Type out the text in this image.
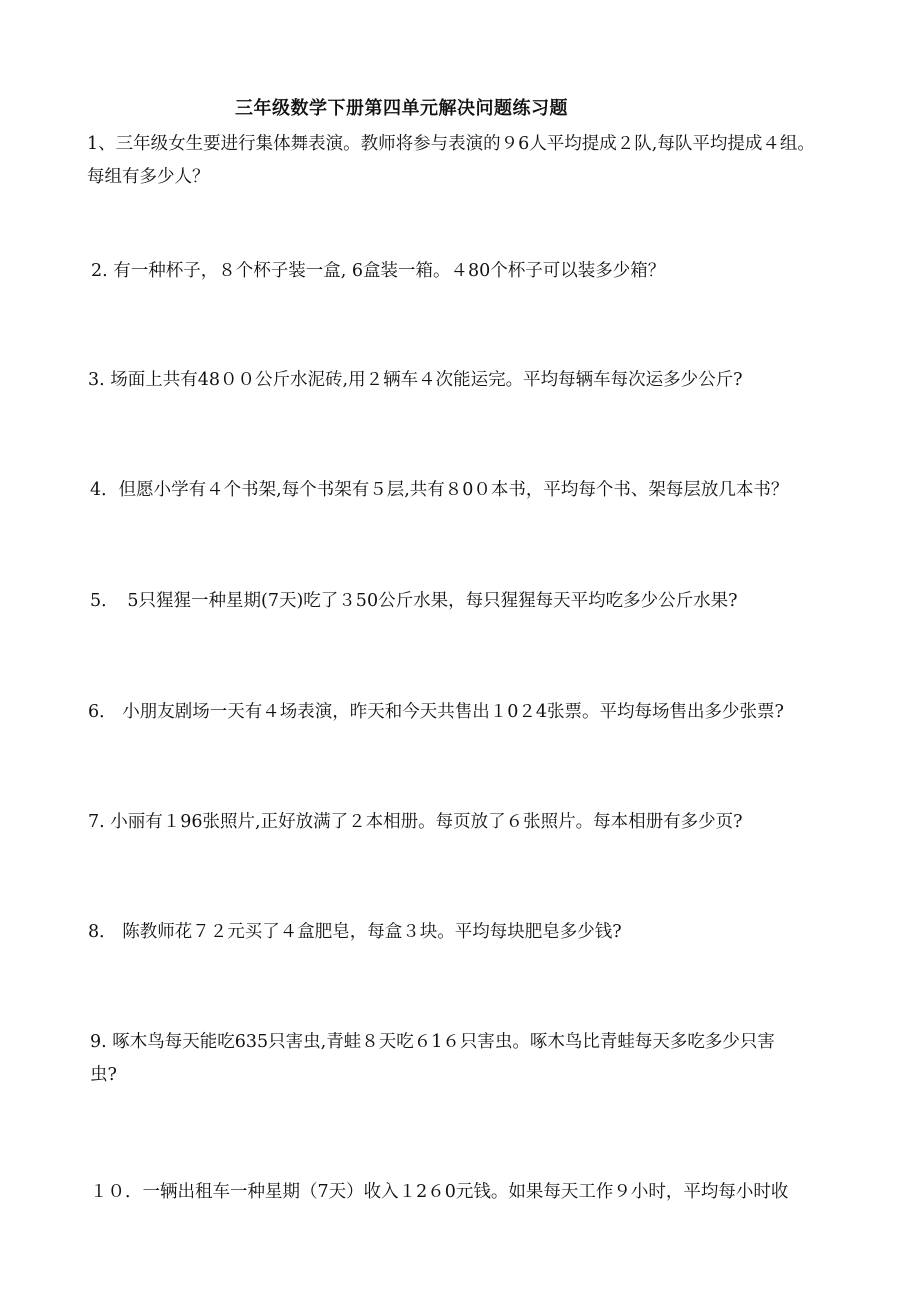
三年级数学下册第四单元解决问题练习题
1、三年级女生要进行集体舞表演。教师将参与表演的９6人平均提成２队,每队平均提成４组。
每组有多少人？
2. 有一种杯子，８个杯子装一盒, 6盒装一箱。４80个杯子可以装多少箱？
3. 场面上共有48００公斤水泥砖,用２辆车４次能运完。平均每辆车每次运多少公斤?
4．但愿小学有４个书架,每个书架有５层,共有８0０本书，平均每个书、架每层放几本书？
5．　5只猩猩一种星期(7天)吃了３50公斤水果，每只猩猩每天平均吃多少公斤水果?
6． 小朋友剧场一天有４场表演，昨天和今天共售出１0２4张票。平均每场售出多少张票?
7. 小丽有１96张照片,正好放满了２本相册。每页放了６张照片。每本相册有多少页?
8． 陈教师花７２元买了４盒肥皂，每盒３块。平均每块肥皂多少钱?
9. 啄木鸟每天能吃635只害虫,青蛙８天吃６1６只害虫。啄木鸟比青蛙每天多吃多少只害
虫?
１０．一辆出租车一种星期（7天）收入１2６0元钱。如果每天工作９小时，平均每小时收
